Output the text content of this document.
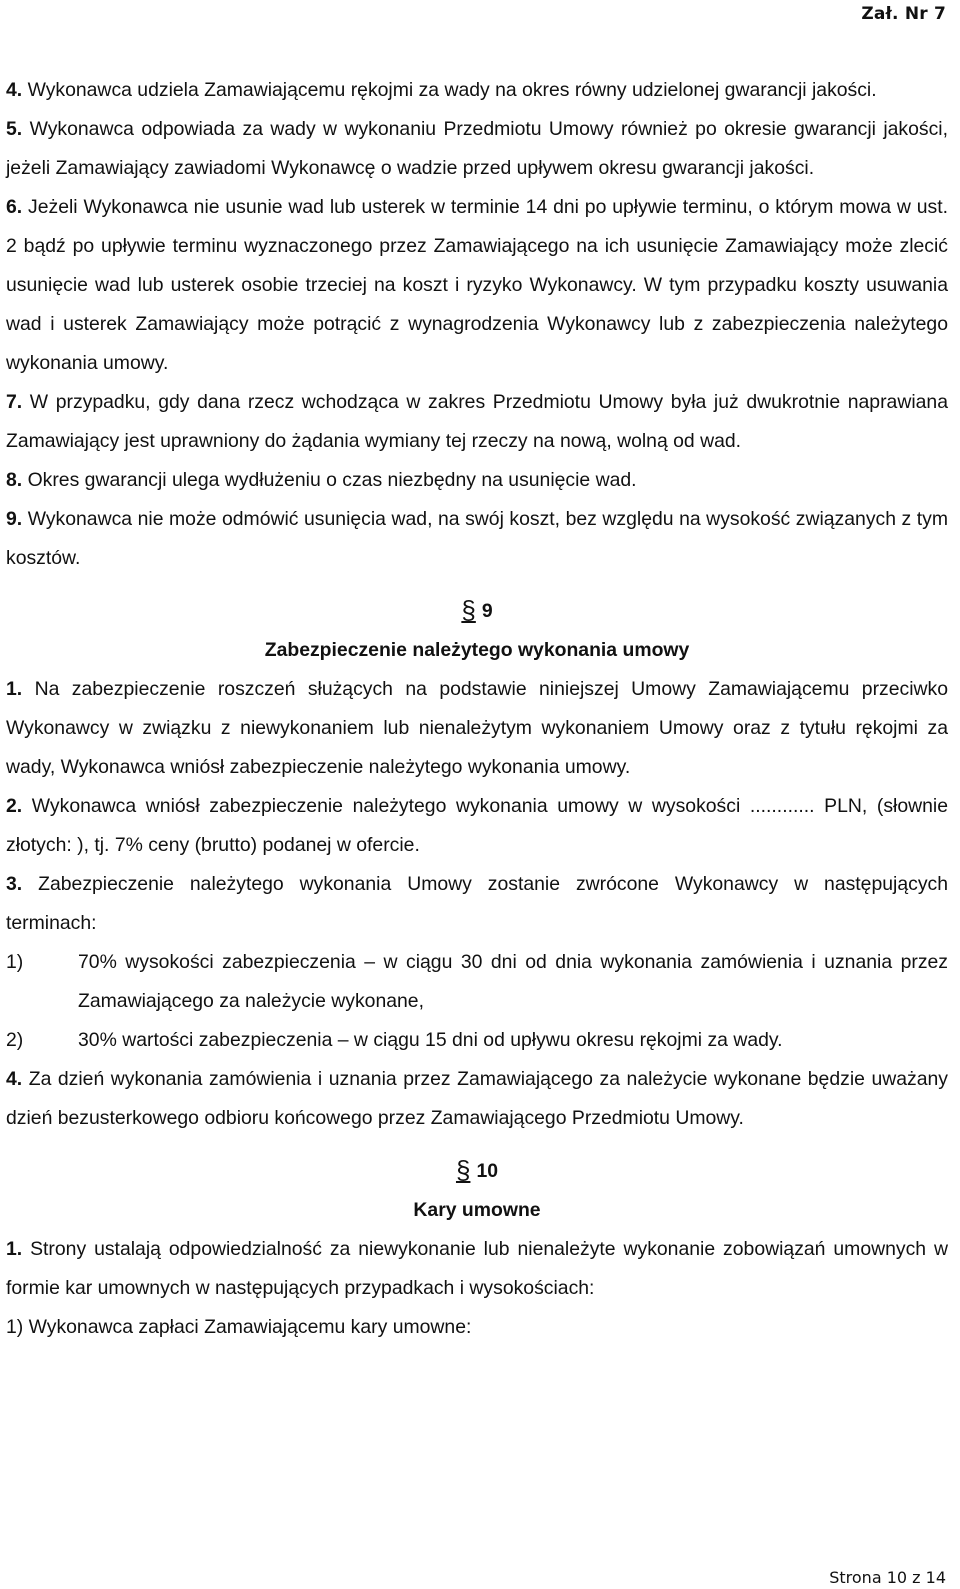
Zał. Nr 7

4. Wykonawca udziela Zamawiającemu rękojmi za wady na okres równy udzielonej gwarancji jakości.

5. Wykonawca odpowiada za wady w wykonaniu Przedmiotu Umowy również po okresie gwarancji jakości, jeżeli Zamawiający zawiadomi Wykonawcę o wadzie przed upływem okresu gwarancji jakości.

6. Jeżeli Wykonawca nie usunie wad lub usterek w terminie 14 dni po upływie terminu, o którym mowa w ust. 2 bądź po upływie terminu wyznaczonego przez Zamawiającego na ich usunięcie Zamawiający może zlecić usunięcie wad lub usterek osobie trzeciej na koszt i ryzyko Wykonawcy. W tym przypadku koszty usuwania wad i usterek Zamawiający może potrącić z wynagrodzenia Wykonawcy lub z zabezpieczenia należytego wykonania umowy.

7. W przypadku, gdy dana rzecz wchodząca w zakres Przedmiotu Umowy była już dwukrotnie naprawiana Zamawiający jest uprawniony do żądania wymiany tej rzeczy na nową, wolną od wad.

8. Okres gwarancji ulega wydłużeniu o czas niezbędny na usunięcie wad.

9. Wykonawca nie może odmówić usunięcia wad, na swój koszt, bez względu na wysokość związanych z tym kosztów.

§ 9
Zabezpieczenie należytego wykonania umowy

1. Na zabezpieczenie roszczeń służących na podstawie niniejszej Umowy Zamawiającemu przeciwko Wykonawcy w związku z niewykonaniem lub nienależytym wykonaniem Umowy oraz z tytułu rękojmi za wady, Wykonawca wniósł zabezpieczenie należytego wykonania umowy.

2. Wykonawca wniósł zabezpieczenie należytego wykonania umowy w wysokości ............ PLN, (słownie złotych: ), tj. 7% ceny (brutto) podanej w ofercie.

3. Zabezpieczenie należytego wykonania Umowy zostanie zwrócone Wykonawcy w następujących terminach:

1)	70% wysokości zabezpieczenia – w ciągu 30 dni od dnia wykonania zamówienia i uznania przez Zamawiającego za należycie wykonane,
2)	30% wartości zabezpieczenia – w ciągu 15 dni od upływu okresu rękojmi za wady.

4. Za dzień wykonania zamówienia i uznania przez Zamawiającego za należycie wykonane będzie uważany dzień bezusterkowego odbioru końcowego przez Zamawiającego Przedmiotu Umowy.

§ 10
Kary umowne

1. Strony ustalają odpowiedzialność za niewykonanie lub nienależyte wykonanie zobowiązań umownych w formie kar umownych w następujących przypadkach i wysokościach:

1) Wykonawca zapłaci Zamawiającemu kary umowne:

Strona 10 z 14
